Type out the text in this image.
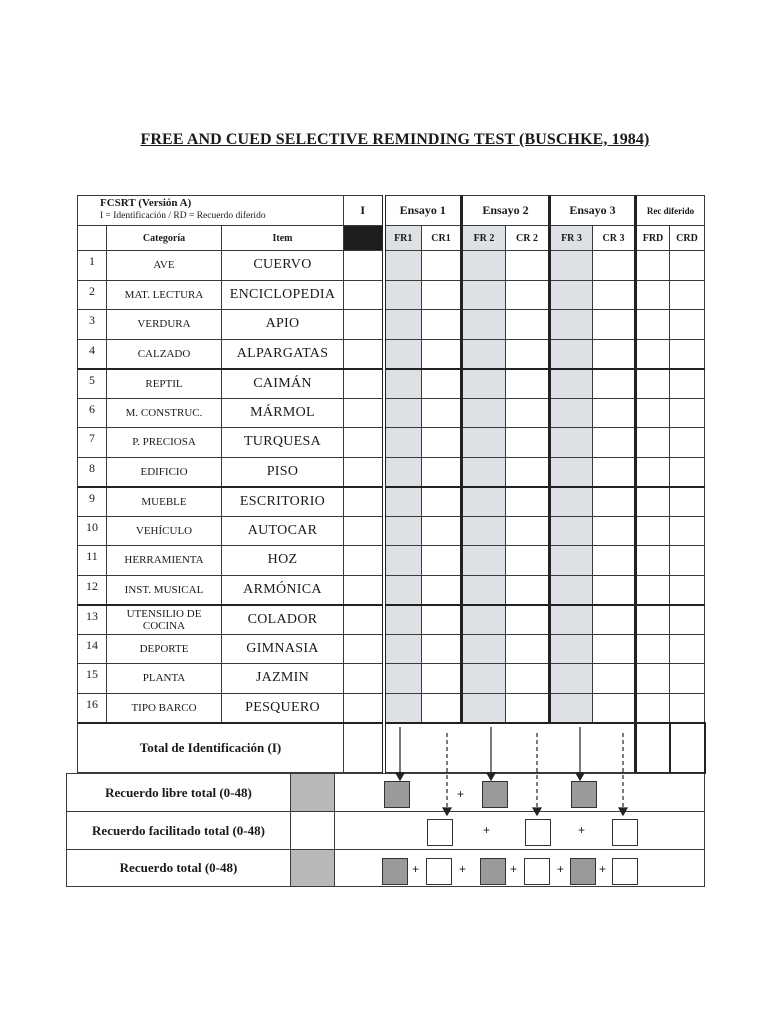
FREE AND CUED SELECTIVE REMINDING TEST (BUSCHKE, 1984)
FCSRT (Versión A)
I = Identificación / RD = Recuerdo diferido			I	Ensayo 1		Ensayo 2		Ensayo 3		Rec diferido	
	Categoría	Item		FR1	CR1	FR 2	CR 2	FR 3	CR 3	FRD	CRD
1	AVE	CUERVO									
2	MAT. LECTURA	ENCICLOPEDIA									
3	VERDURA	APIO									
4	CALZADO	ALPARGATAS									
5	REPTIL	CAIMÁN									
6	M. CONSTRUC.	MÁRMOL									
7	P. PRECIOSA	TURQUESA									
8	EDIFICIO	PISO									
9	MUEBLE	ESCRITORIO									
10	VEHÍCULO	AUTOCAR									
11	HERRAMIENTA	HOZ									
12	INST. MUSICAL	ARMÓNICA									
13	UTENSILIO DE COCINA	COLADOR									
14	DEPORTE	GIMNASIA									
15	PLANTA	JAZMIN									
16	TIPO BARCO	PESQUERO									
Total de Identificación (I)											
Recuerdo libre total (0-48)		
Recuerdo facilitado total (0-48)		
Recuerdo total (0-48)		
+
+	+
+	+	+	+	+
